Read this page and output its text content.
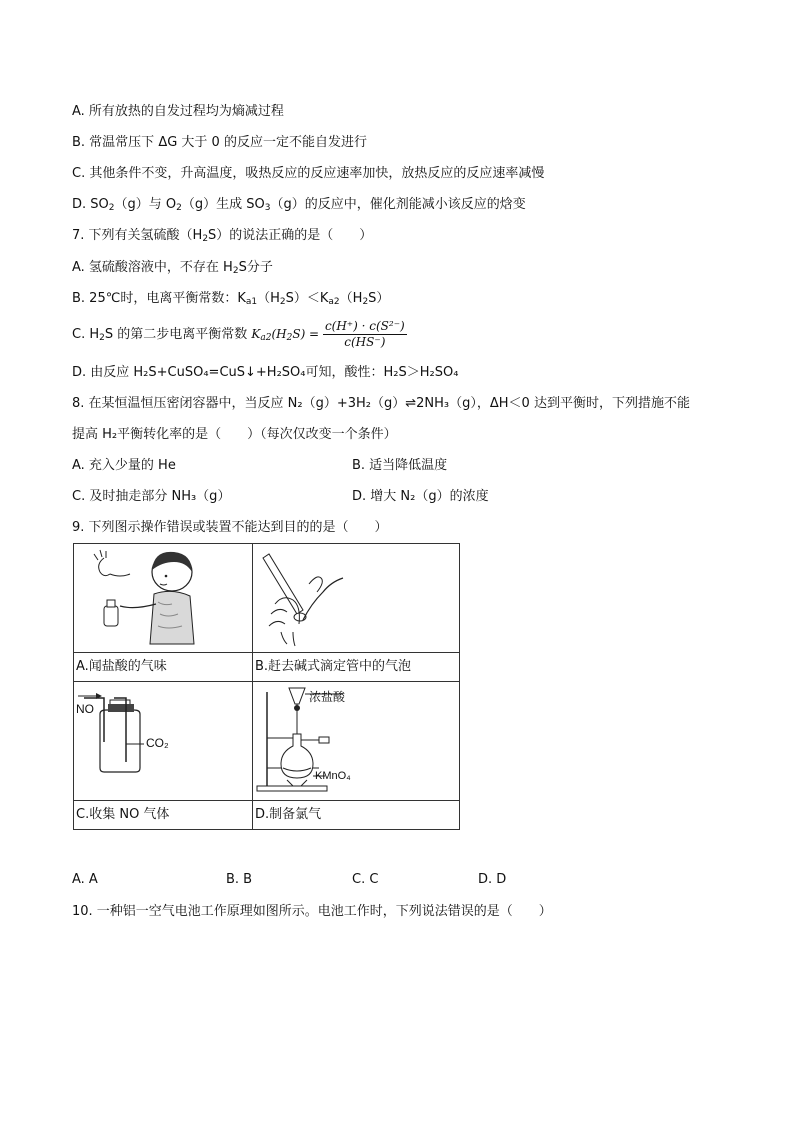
A. 所有放热的自发过程均为熵减过程
B. 常温常压下 ΔG 大于 0 的反应一定不能自发进行
C. 其他条件不变，升高温度，吸热反应的反应速率加快，放热反应的反应速率减慢
D. $SO_2(g)$与 $O_2(g)$生成 $SO_3(g)$的反应中，催化剂能减小该反应的焓变
7. 下列有关氢硫酸$(H_2S)$的说法正确的是（　　）
A. 氢硫酸溶液中，不存在 $H_2S$分子
B. 25℃时，电离平衡常数：$K_{a1}(H_2S)<K_{a2}(H_2S)$
C. $H_2S$ 的第二步电离平衡常数 $K_{a2}(H_2S) = \frac{\text{c(H⁺) · c(S²⁻)}}{c(HS^-)}$
D. 由反应 H₂S+CuSO₄=CuS↓+H₂SO₄可知，酸性：H₂S＞H₂SO₄
8. 在某恒温恒压密闭容器中，当反应 N₂（g）+3H₂（g）⇌2NH₃（g），ΔH＜0 达到平衡时，下列措施不能
提高 H₂平衡转化率的是（　　）（每次仅改变一个条件）
A. 充入少量的 He	B. 适当降低温度
C. 及时抽走部分 NH₃（g）	D. 增大 N₂（g）的浓度
9. 下列图示操作错误或装置不能达到目的的是（　　）

A.闻盐酸的气味	B.赶去碱式滴定管中的气泡

NO
CO₂	浓盐酸
KMnO₄

C.收集 NO 气体	D.制备氯气
A. A	B. B	C. C	D. D
10. 一种铝一空气电池工作原理如图所示。电池工作时，下列说法错误的是（　　）
